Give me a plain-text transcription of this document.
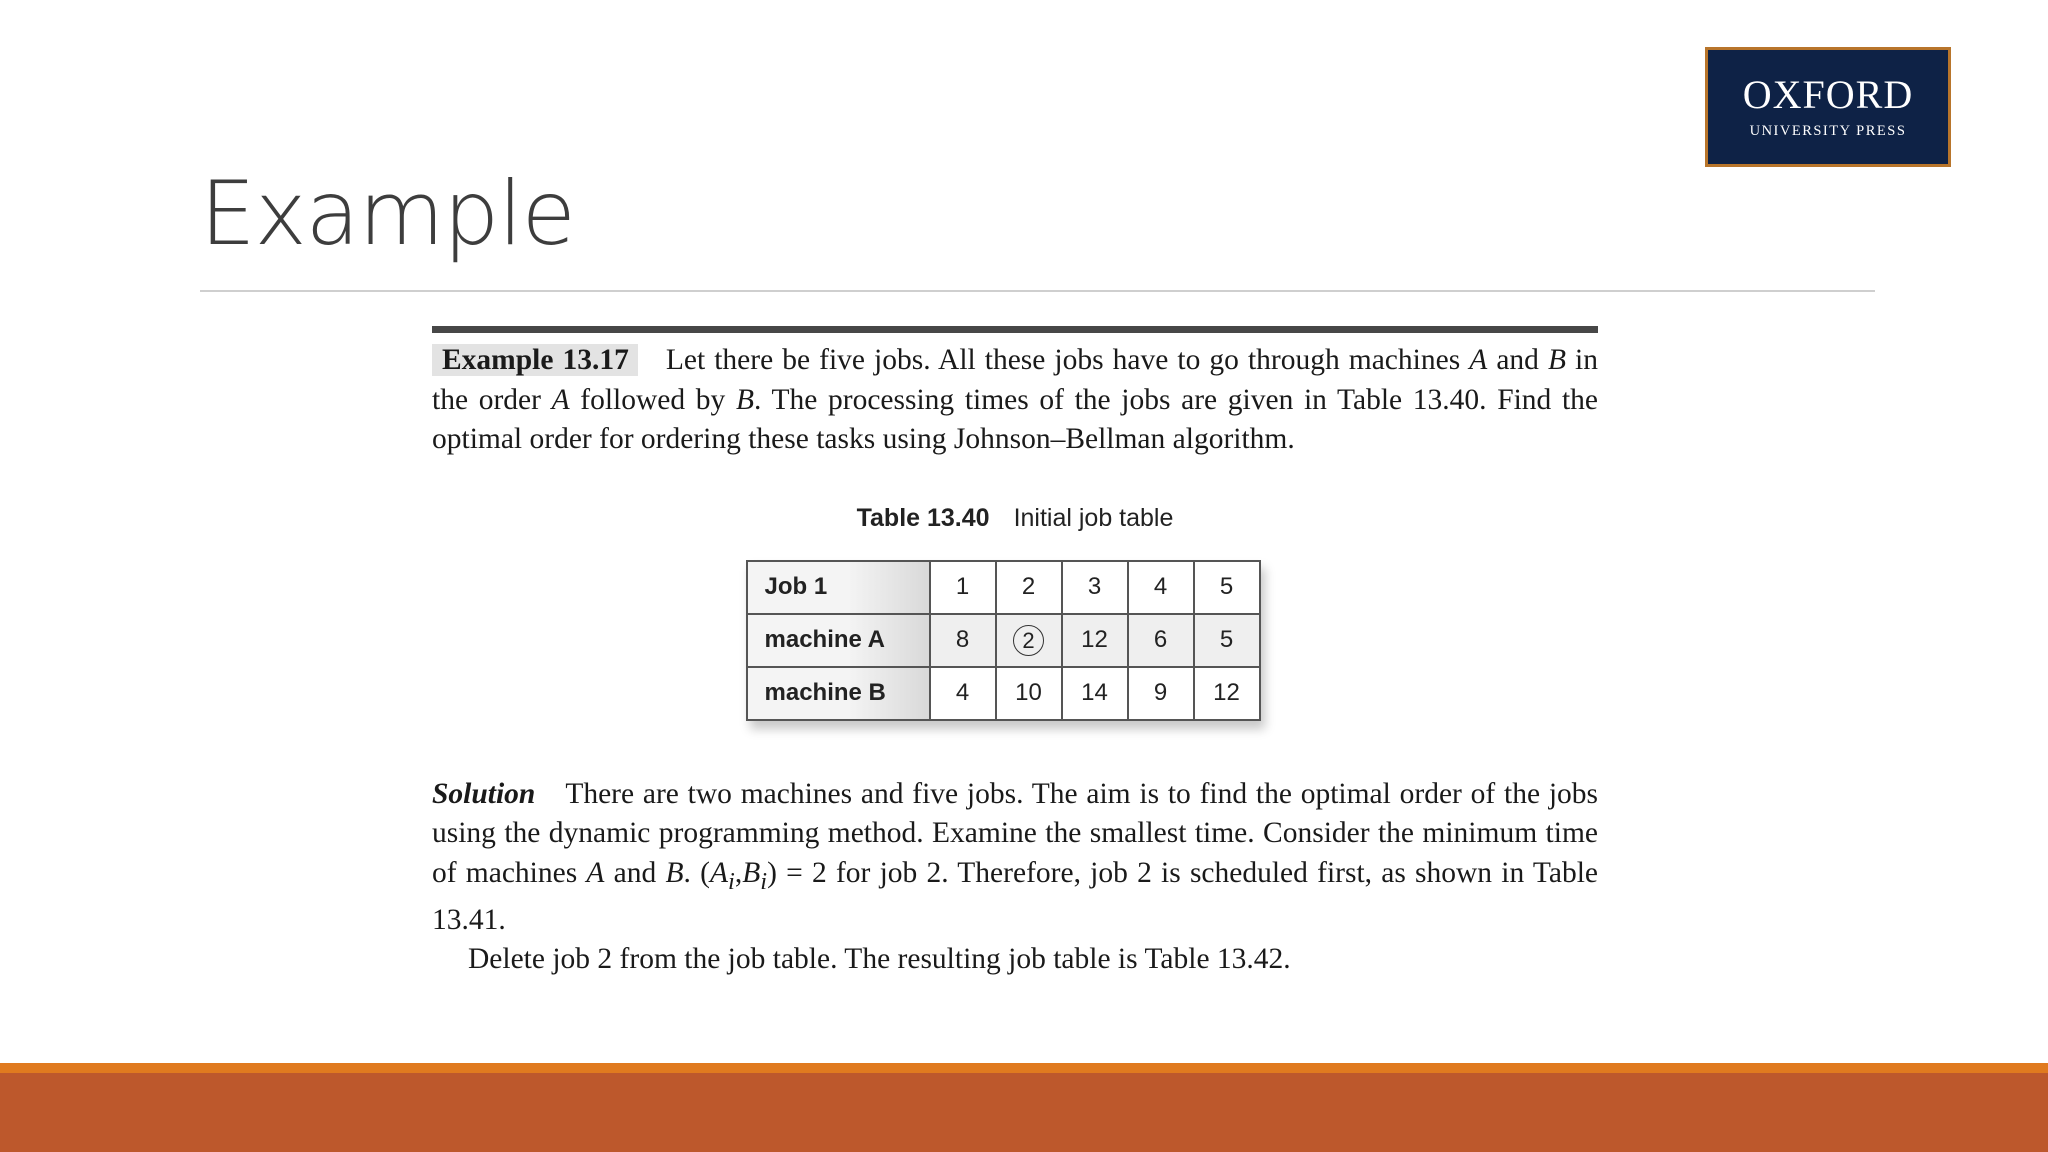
OXFORD
UNIVERSITY PRESS
Example

Example 13.17 Let there be five jobs. All these jobs have to go through machines A and B in the order A followed by B. The processing times of the jobs are given in Table 13.40. Find the optimal order for ordering these tasks using Johnson–Bellman algorithm.

Table 13.40 Initial job table
Job 1	1	2	3	4	5
machine A	8	2	12	6	5
machine B	4	10	14	9	12

Solution There are two machines and five jobs. The aim is to find the optimal order of the jobs using the dynamic programming method. Examine the smallest time. Consider the minimum time of machines A and B. $(A_i,B_i) = 2$ for job 2. Therefore, job 2 is scheduled first, as shown in Table 13.41.

Delete job 2 from the job table. The resulting job table is Table 13.42.
